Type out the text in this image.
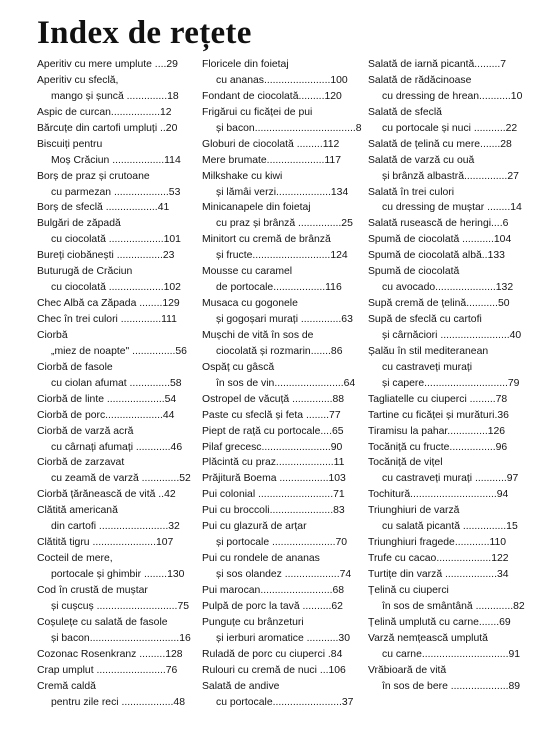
Index de rețete
Aperitiv cu mere umplute ....29
Aperitiv cu sfeclă,
mango și șuncă ..............18
Aspic de curcan.................12
Bărcuțe din cartofi umpluți ..20
Biscuiți pentru
Moș Crăciun ..................114
Borș de praz și crutoane
cu parmezan ...................53
Borș de sfeclă ..................41
Bulgări de zăpadă
cu ciocolată ...................101
Bureți ciobănești ................23
Buturugă de Crăciun
cu ciocolată ...................102
Chec Albă ca Zăpada ........129
Chec în trei culori ..............111
Ciorbă
„miez de noapte" ...............56
Ciorbă de fasole
cu ciolan afumat ..............58
Ciorbă de linte ....................54
Ciorbă de porc....................44
Ciorbă de varză acră
cu cârnați afumați ............46
Ciorbă de zarzavat
cu zeamă de varză .............52
Ciorbă țărănească de vită ..42
Clătită americană
din cartofi ........................32
Clătită tigru ......................107
Cocteil de mere,
portocale și ghimbir ........130
Cod în crustă de muștar
și cușcuș ............................75
Coșulețe cu salată de fasole
și bacon...............................16
Cozonac Rosenkranz .........128
Crap umplut ........................76
Cremă caldă
pentru zile reci ..................48
Floricele din foietaj
cu ananas.......................100
Fondant de ciocolată.........120
Frigărui cu ficăței de pui
și bacon...................................8
Globuri de ciocolată .........112
Mere brumate....................117
Milkshake cu kiwi
și lămâi verzi...................134
Minicanapele din foietaj
cu praz și brânză ...............25
Minitort cu cremă de brânză
și fructe...........................124
Mousse cu caramel
de portocale..................116
Musaca cu gogonele
și gogoșari murați ..............63
Mușchi de vită în sos de
ciocolată și rozmarin.......86
Ospăț cu gâscă
în sos de vin........................64
Ostropel de văcuță ..............88
Paste cu sfeclă și feta ........77
Piept de rață cu portocale....65
Pilaf grecesc........................90
Plăcintă cu praz....................11
Prăjitură Boema .................103
Pui colonial ..........................71
Pui cu broccoli......................83
Pui cu glazură de arțar
și portocale ......................70
Pui cu rondele de ananas
și sos olandez ...................74
Pui marocan.........................68
Pulpă de porc la tavă ..........62
Punguțe cu brânzeturi
și ierburi aromatice ...........30
Ruladă de porc cu ciuperci .84
Rulouri cu cremă de nuci ...106
Salată de andive
cu portocale........................37
Salată de iarnă picantă.........7
Salată de rădăcinoase
cu dressing de hrean...........10
Salată de sfeclă
cu portocale și nuci ...........22
Salată de țelină cu mere.......28
Salată de varză cu ouă
și brânză albastră...............27
Salată în trei culori
cu dressing de muștar ........14
Salată rusească de heringi....6
Spumă de ciocolată ...........104
Spumă de ciocolată albă..133
Spumă de ciocolată
cu avocado.....................132
Supă cremă de țelină...........50
Supă de sfeclă cu cartofi
și cârnăciori ........................40
Șalău în stil mediteranean
cu castraveți murați
și capere.............................79
Tagliatelle cu ciuperci .........78
Tartine cu ficăței și murături.36
Tiramisu la pahar..............126
Tocăniță cu fructe................96
Tocăniță de vițel
cu castraveți murați ...........97
Tochitură..............................94
Triunghiuri de varză
cu salată picantă ...............15
Triunghiuri fragede............110
Trufe cu cacao...................122
Turtițe din varză ..................34
Țelină cu ciuperci
în sos de smântână .............82
Țelină umplută cu carne.......69
Varză nemțească umplută
cu carne..............................91
Vrăbioară de vită
în sos de bere ....................89
